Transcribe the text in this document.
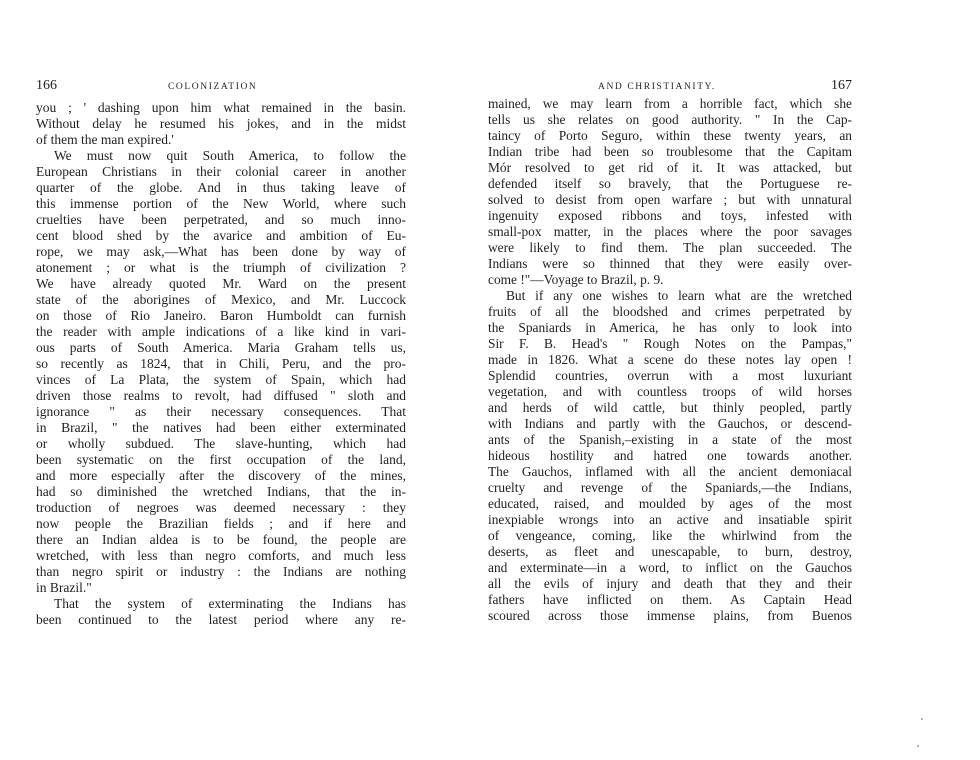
166	COLONIZATION
you ; ' dashing upon him what remained in the basin.
Without delay he resumed his jokes, and in the midst
of them the man expired.'
We must now quit South America, to follow the
European Christians in their colonial career in another
quarter of the globe. And in thus taking leave of
this immense portion of the New World, where such
cruelties have been perpetrated, and so much inno-
cent blood shed by the avarice and ambition of Eu-
rope, we may ask,—What has been done by way of
atonement ; or what is the triumph of civilization ?
We have already quoted Mr. Ward on the present
state of the aborigines of Mexico, and Mr. Luccock
on those of Rio Janeiro. Baron Humboldt can furnish
the reader with ample indications of a like kind in vari-
ous parts of South America. Maria Graham tells us,
so recently as 1824, that in Chili, Peru, and the pro-
vinces of La Plata, the system of Spain, which had
driven those realms to revolt, had diffused " sloth and
ignorance " as their necessary consequences. That
in Brazil, " the natives had been either exterminated
or wholly subdued. The slave-hunting, which had
been systematic on the first occupation of the land,
and more especially after the discovery of the mines,
had so diminished the wretched Indians, that the in-
troduction of negroes was deemed necessary : they
now people the Brazilian fields ; and if here and
there an Indian aldea is to be found, the people are
wretched, with less than negro comforts, and much less
than negro spirit or industry : the Indians are nothing
in Brazil."
That the system of exterminating the Indians has
been continued to the latest period where any re-
AND CHRISTIANITY.	167
mained, we may learn from a horrible fact, which she
tells us she relates on good authority. " In the Cap-
taincy of Porto Seguro, within these twenty years, an
Indian tribe had been so troublesome that the Capitam
Mór resolved to get rid of it. It was attacked, but
defended itself so bravely, that the Portuguese re-
solved to desist from open warfare ; but with unnatural
ingenuity exposed ribbons and toys, infested with
small-pox matter, in the places where the poor savages
were likely to find them. The plan succeeded. The
Indians were so thinned that they were easily over-
come !"—Voyage to Brazil, p. 9.
But if any one wishes to learn what are the wretched
fruits of all the bloodshed and crimes perpetrated by
the Spaniards in America, he has only to look into
Sir F. B. Head's " Rough Notes on the Pampas,"
made in 1826. What a scene do these notes lay open !
Splendid countries, overrun with a most luxuriant
vegetation, and with countless troops of wild horses
and herds of wild cattle, but thinly peopled, partly
with Indians and partly with the Gauchos, or descend-
ants of the Spanish,–existing in a state of the most
hideous hostility and hatred one towards another.
The Gauchos, inflamed with all the ancient demoniacal
cruelty and revenge of the Spaniards,—the Indians,
educated, raised, and moulded by ages of the most
inexpiable wrongs into an active and insatiable spirit
of vengeance, coming, like the whirlwind from the
deserts, as fleet and unescapable, to burn, destroy,
and exterminate—in a word, to inflict on the Gauchos
all the evils of injury and death that they and their
fathers have inflicted on them. As Captain Head
scoured across those immense plains, from Buenos
